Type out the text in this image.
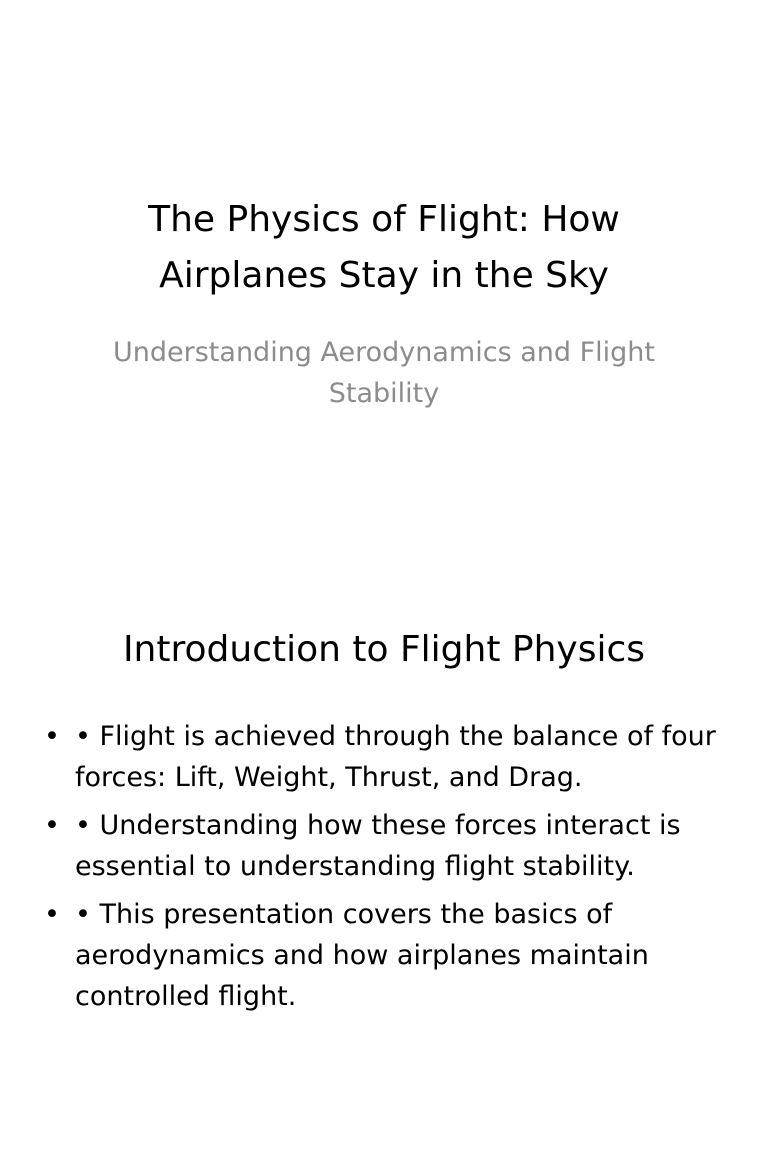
The Physics of Flight: How Airplanes Stay in the Sky
Understanding Aerodynamics and Flight Stability
Introduction to Flight Physics
• • Flight is achieved through the balance of four forces: Lift, Weight, Thrust, and Drag.
• • Understanding how these forces interact is essential to understanding flight stability.
• • This presentation covers the basics of aerodynamics and how airplanes maintain controlled flight.
